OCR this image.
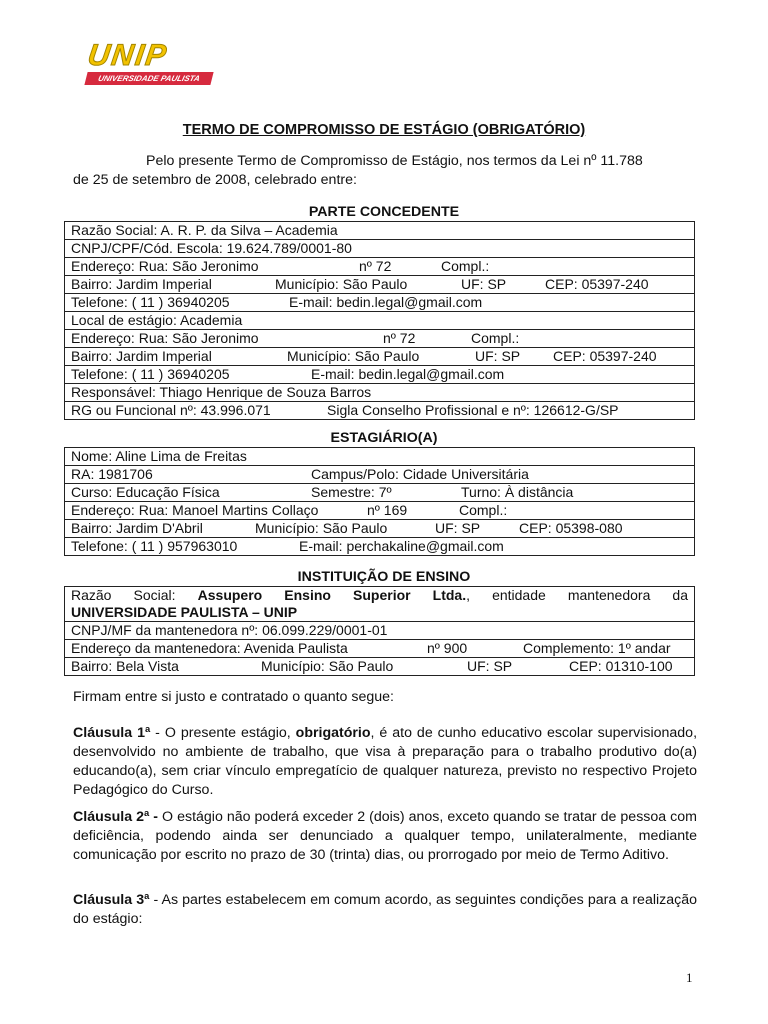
UNIP
UNIVERSIDADE PAULISTA
TERMO DE COMPROMISSO DE ESTÁGIO (OBRIGATÓRIO)
Pelo presente Termo de Compromisso de Estágio, nos termos da Lei nº 11.788
de 25 de setembro de 2008, celebrado entre:
PARTE CONCEDENTE
Razão Social: A. R. P. da Silva – Academia
CNPJ/CPF/Cód. Escola: 19.624.789/0001-80
Endereço: Rua: São Jeronimo	nº 72	Compl.:
Bairro: Jardim Imperial	Município: São Paulo	UF: SP	CEP: 05397-240
Telefone: ( 11 ) 36940205	E-mail: bedin.legal@gmail.com
Local de estágio: Academia
Endereço: Rua: São Jeronimo	nº 72	Compl.:
Bairro: Jardim Imperial	Município: São Paulo	UF: SP CEP: 05397-240
Telefone: ( 11 ) 36940205	E-mail: bedin.legal@gmail.com
Responsável: Thiago Henrique de Souza Barros
RG ou Funcional nº: 43.996.071	Sigla Conselho Profissional e nº: 126612-G/SP
ESTAGIÁRIO(A)
Nome: Aline Lima de Freitas
RA: 1981706	Campus/Polo: Cidade Universitária
Curso: Educação Física	Semestre: 7º	Turno: À distância
Endereço: Rua: Manoel Martins Collaço	nº 169	Compl.:
Bairro: Jardim D'Abril	Município: São Paulo	UF: SP	CEP: 05398-080
Telefone: ( 11 ) 957963010	E-mail: perchakaline@gmail.com
INSTITUIÇÃO DE ENSINO
Razão Social: Assupero Ensino Superior Ltda., entidade mantenedora da
UNIVERSIDADE PAULISTA – UNIP
CNPJ/MF da mantenedora nº: 06.099.229/0001-01
Endereço da mantenedora: Avenida Paulista	nº 900	Complemento: 1º andar
Bairro: Bela Vista	Município: São Paulo	UF: SP	CEP: 01310-100
Firmam entre si justo e contratado o quanto segue:
Cláusula 1ª - O presente estágio, obrigatório, é ato de cunho educativo escolar supervisionado, desenvolvido no ambiente de trabalho, que visa à preparação para o trabalho produtivo do(a) educando(a), sem criar vínculo empregatício de qualquer natureza, previsto no respectivo Projeto Pedagógico do Curso.
Cláusula 2ª - O estágio não poderá exceder 2 (dois) anos, exceto quando se tratar de pessoa com deficiência, podendo ainda ser denunciado a qualquer tempo, unilateralmente, mediante comunicação por escrito no prazo de 30 (trinta) dias, ou prorrogado por meio de Termo Aditivo.
Cláusula 3ª - As partes estabelecem em comum acordo, as seguintes condições para a realização do estágio:
1
